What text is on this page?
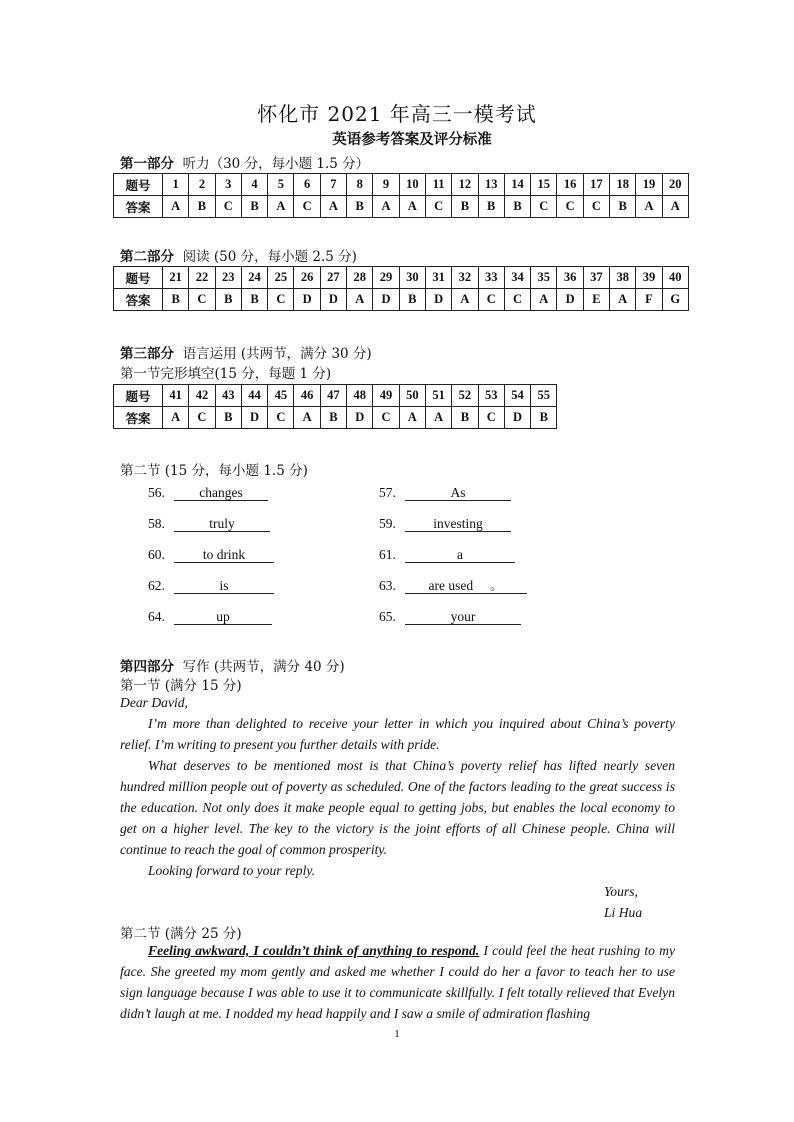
怀化市 2021 年高三一模考试
英语参考答案及评分标准
第一部分 听力（30 分，每小题 1.5 分）
题号	1	2	3	4	5	6	7	8	9	10	11	12	13	14	15	16	17	18	19	20
答案	A	B	C	B	A	C	A	B	A	A	C	B	B	B	C	C	C	B	A	A
第二部分 阅读 (50 分，每小题 2.5 分)
题号	21	22	23	24	25	26	27	28	29	30	31	32	33	34	35	36	37	38	39	40
答案	B	C	B	B	C	D	D	A	D	B	D	A	C	C	A	D	E	A	F	G
第三部分 语言运用 (共两节，满分 30 分)
第一节完形填空(15 分，每题 1 分)
题号	41	42	43	44	45	46	47	48	49	50	51	52	53	54	55
答案	A	C	B	D	C	A	B	D	C	A	A	B	C	D	B
第二节 (15 分，每小题 1.5 分)
56.	changes	57.	As
58.	truly	59.	investing
60.	to drink	61.	a
62.	is	63. are used 。
64.	up	65.	your
第四部分 写作 (共两节，满分 40 分)
第一节 (满分 15 分)

Dear David,

I’m more than delighted to receive your letter in which you inquired about China’s poverty relief. I’m writing to present you further details with pride.

What deserves to be mentioned most is that China’s poverty relief has lifted nearly seven hundred million people out of poverty as scheduled. One of the factors leading to the great success is the education. Not only does it make people equal to getting jobs, but enables the local economy to get on a higher level. The key to the victory is the joint efforts of all Chinese people. China will continue to reach the goal of common prosperity.

Looking forward to your reply.

Yours,

Li Hua

第二节 (满分 25 分)

Feeling awkward, I couldn’t think of anything to respond. I could feel the heat rushing to my face. She greeted my mom gently and asked me whether I could do her a favor to teach her to use sign language because I was able to use it to communicate skillfully. I felt totally relieved that Evelyn didn’t laugh at me. I nodded my head happily and I saw a smile of admiration flashing

1
